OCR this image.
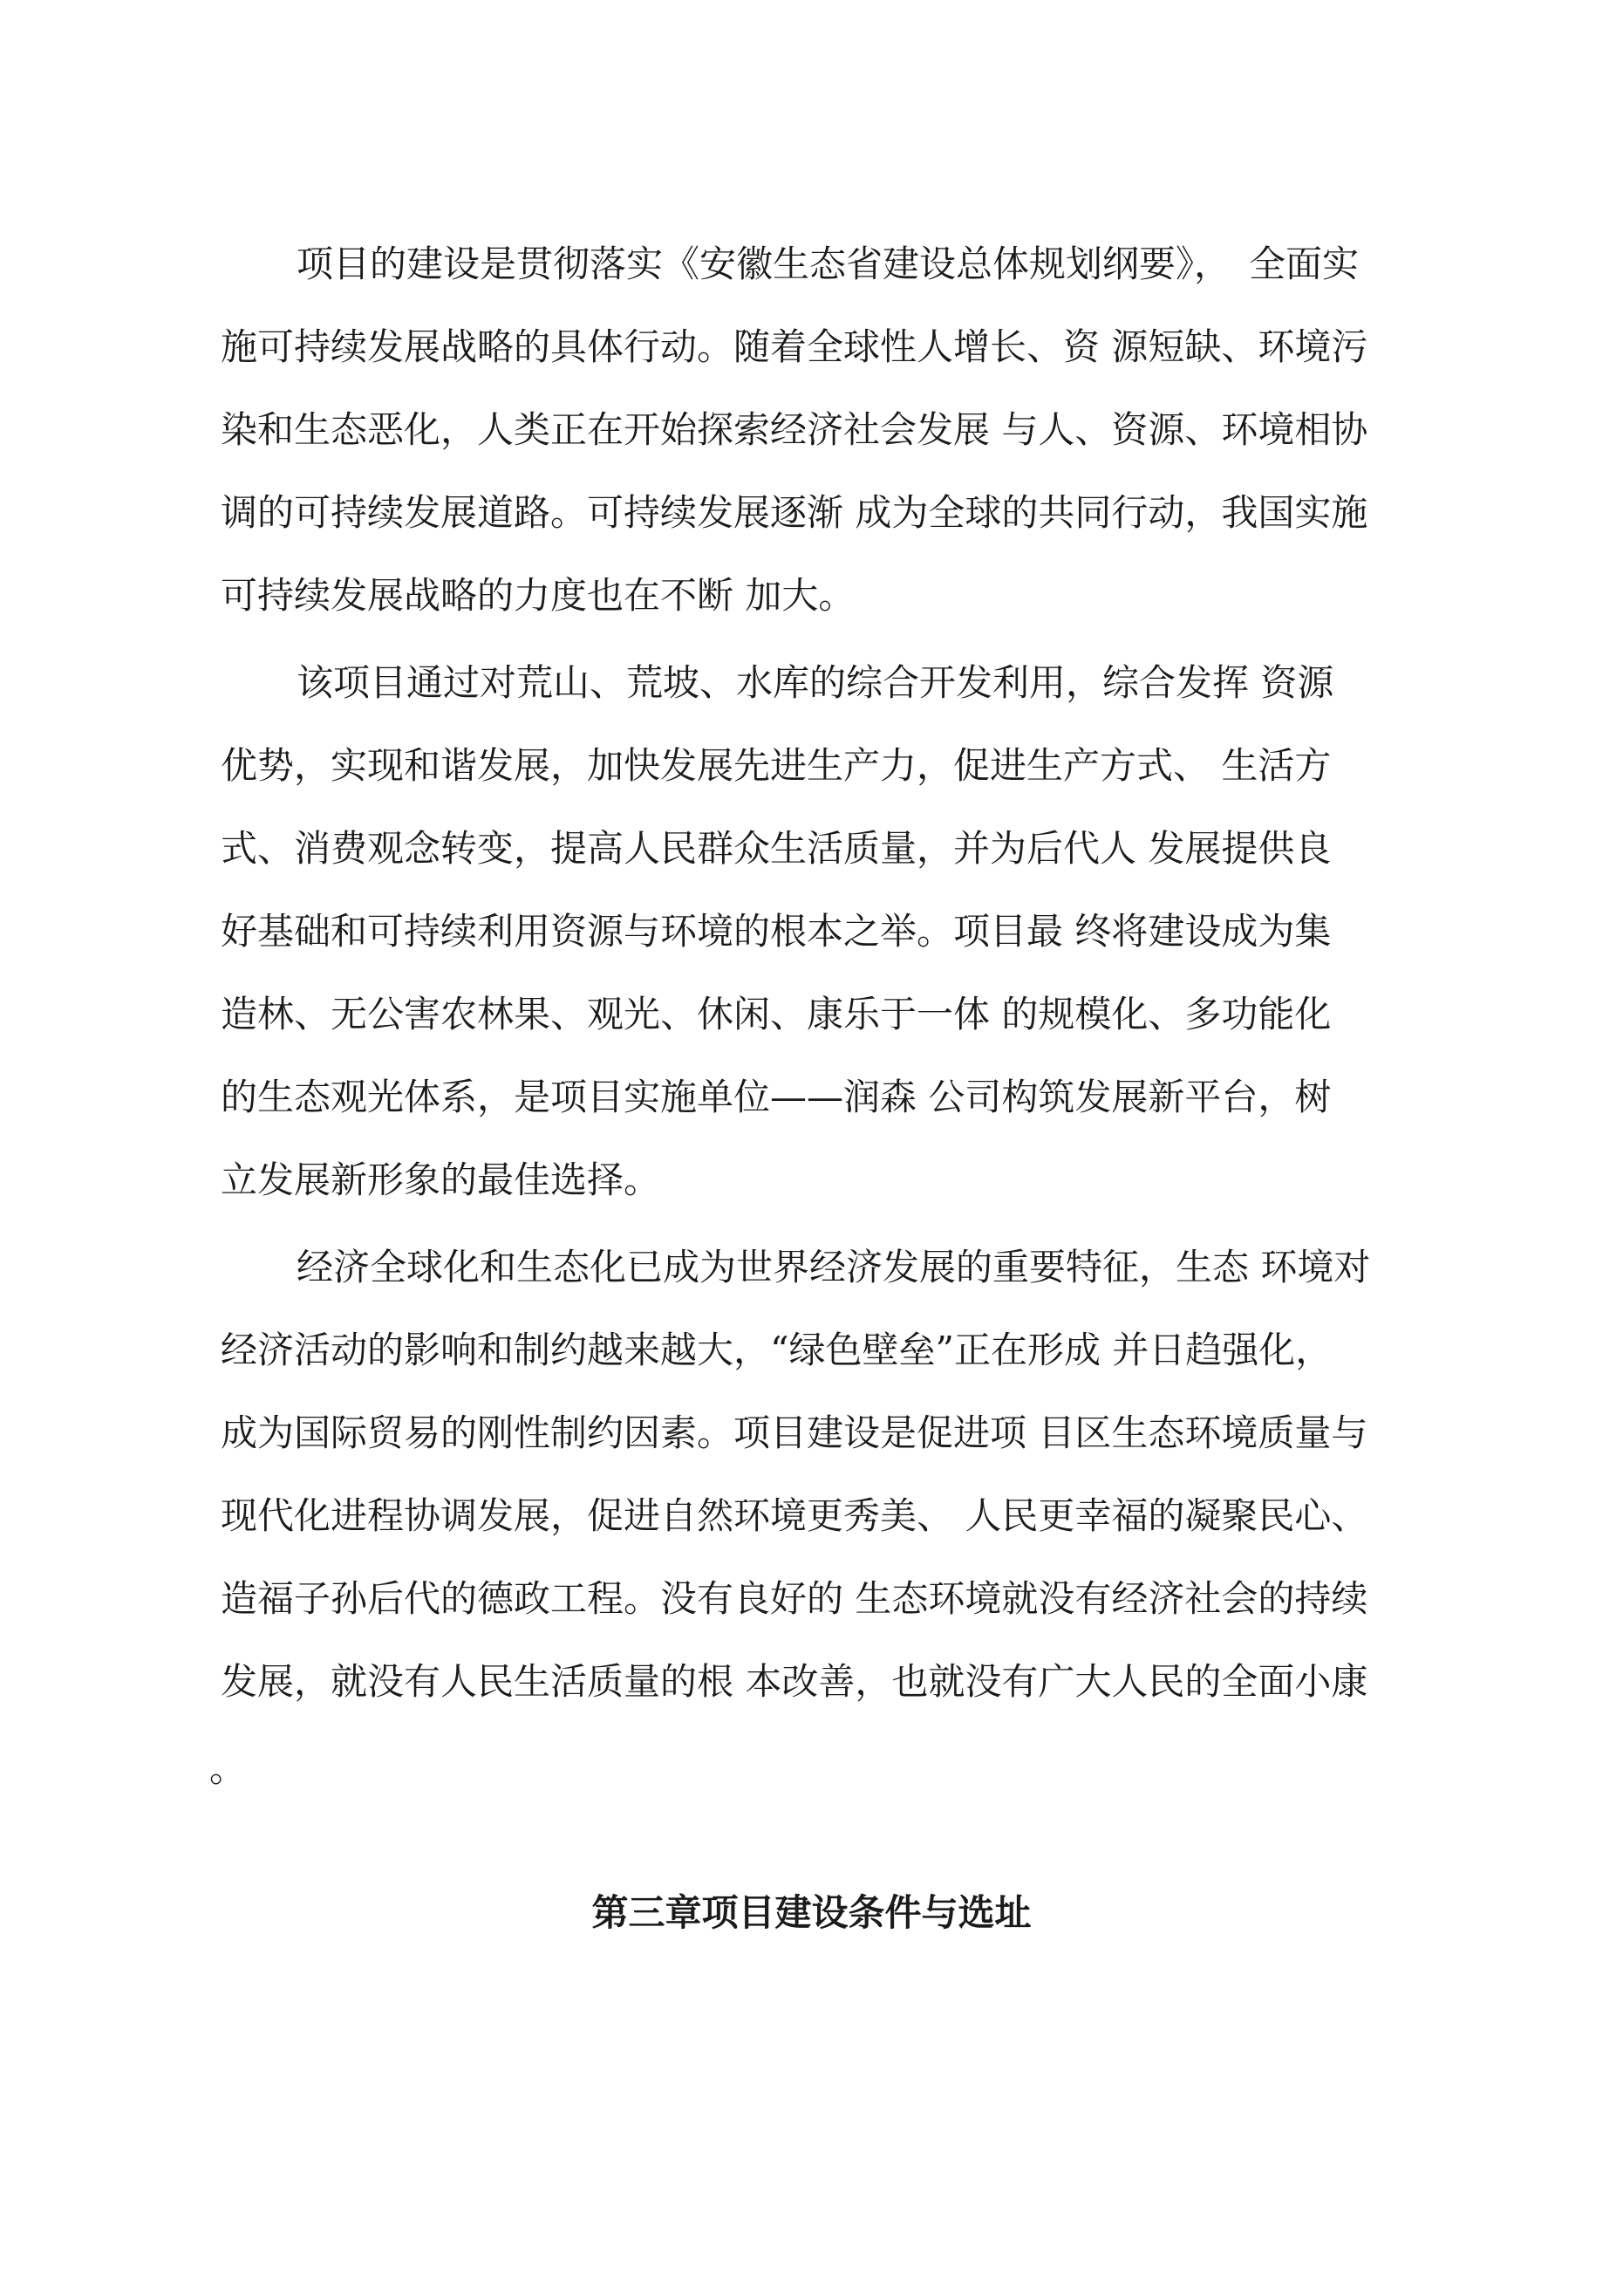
项目的建设是贯彻落实《安徽生态省建设总体规划纲要》，　全面实

施可持续发展战略的具体行动。随着全球性人增长、资 源短缺、环境污

染和生态恶化，人类正在开始探索经济社会发展 与人、资源、环境相协

调的可持续发展道路。可持续发展逐渐 成为全球的共同行动，我国实施

可持续发展战略的力度也在不断 加大。

该项目通过对荒山、荒坡、水库的综合开发利用，综合发挥 资源

优势，实现和谐发展，加快发展先进生产力，促进生产方式、 生活方

式、消费观念转变，提高人民群众生活质量，并为后代人 发展提供良

好基础和可持续利用资源与环境的根本之举。项目最 终将建设成为集

造林、无公害农林果、观光、休闲、康乐于一体 的规模化、多功能化

的生态观光体系，是项目实施单位——润森 公司构筑发展新平台，树

立发展新形象的最佳选择。

经济全球化和生态化已成为世界经济发展的重要特征，生态 环境对

经济活动的影响和制约越来越大，“绿色壁垒”正在形成 并日趋强化，

成为国际贸易的刚性制约因素。项目建设是促进项 目区生态环境质量与

现代化进程协调发展，促进自然环境更秀美、 人民更幸福的凝聚民心、

造福子孙后代的德政工程。没有良好的 生态环境就没有经济社会的持续

发展，就没有人民生活质量的根 本改善，也就没有广大人民的全面小康

。

第三章项目建设条件与选址
